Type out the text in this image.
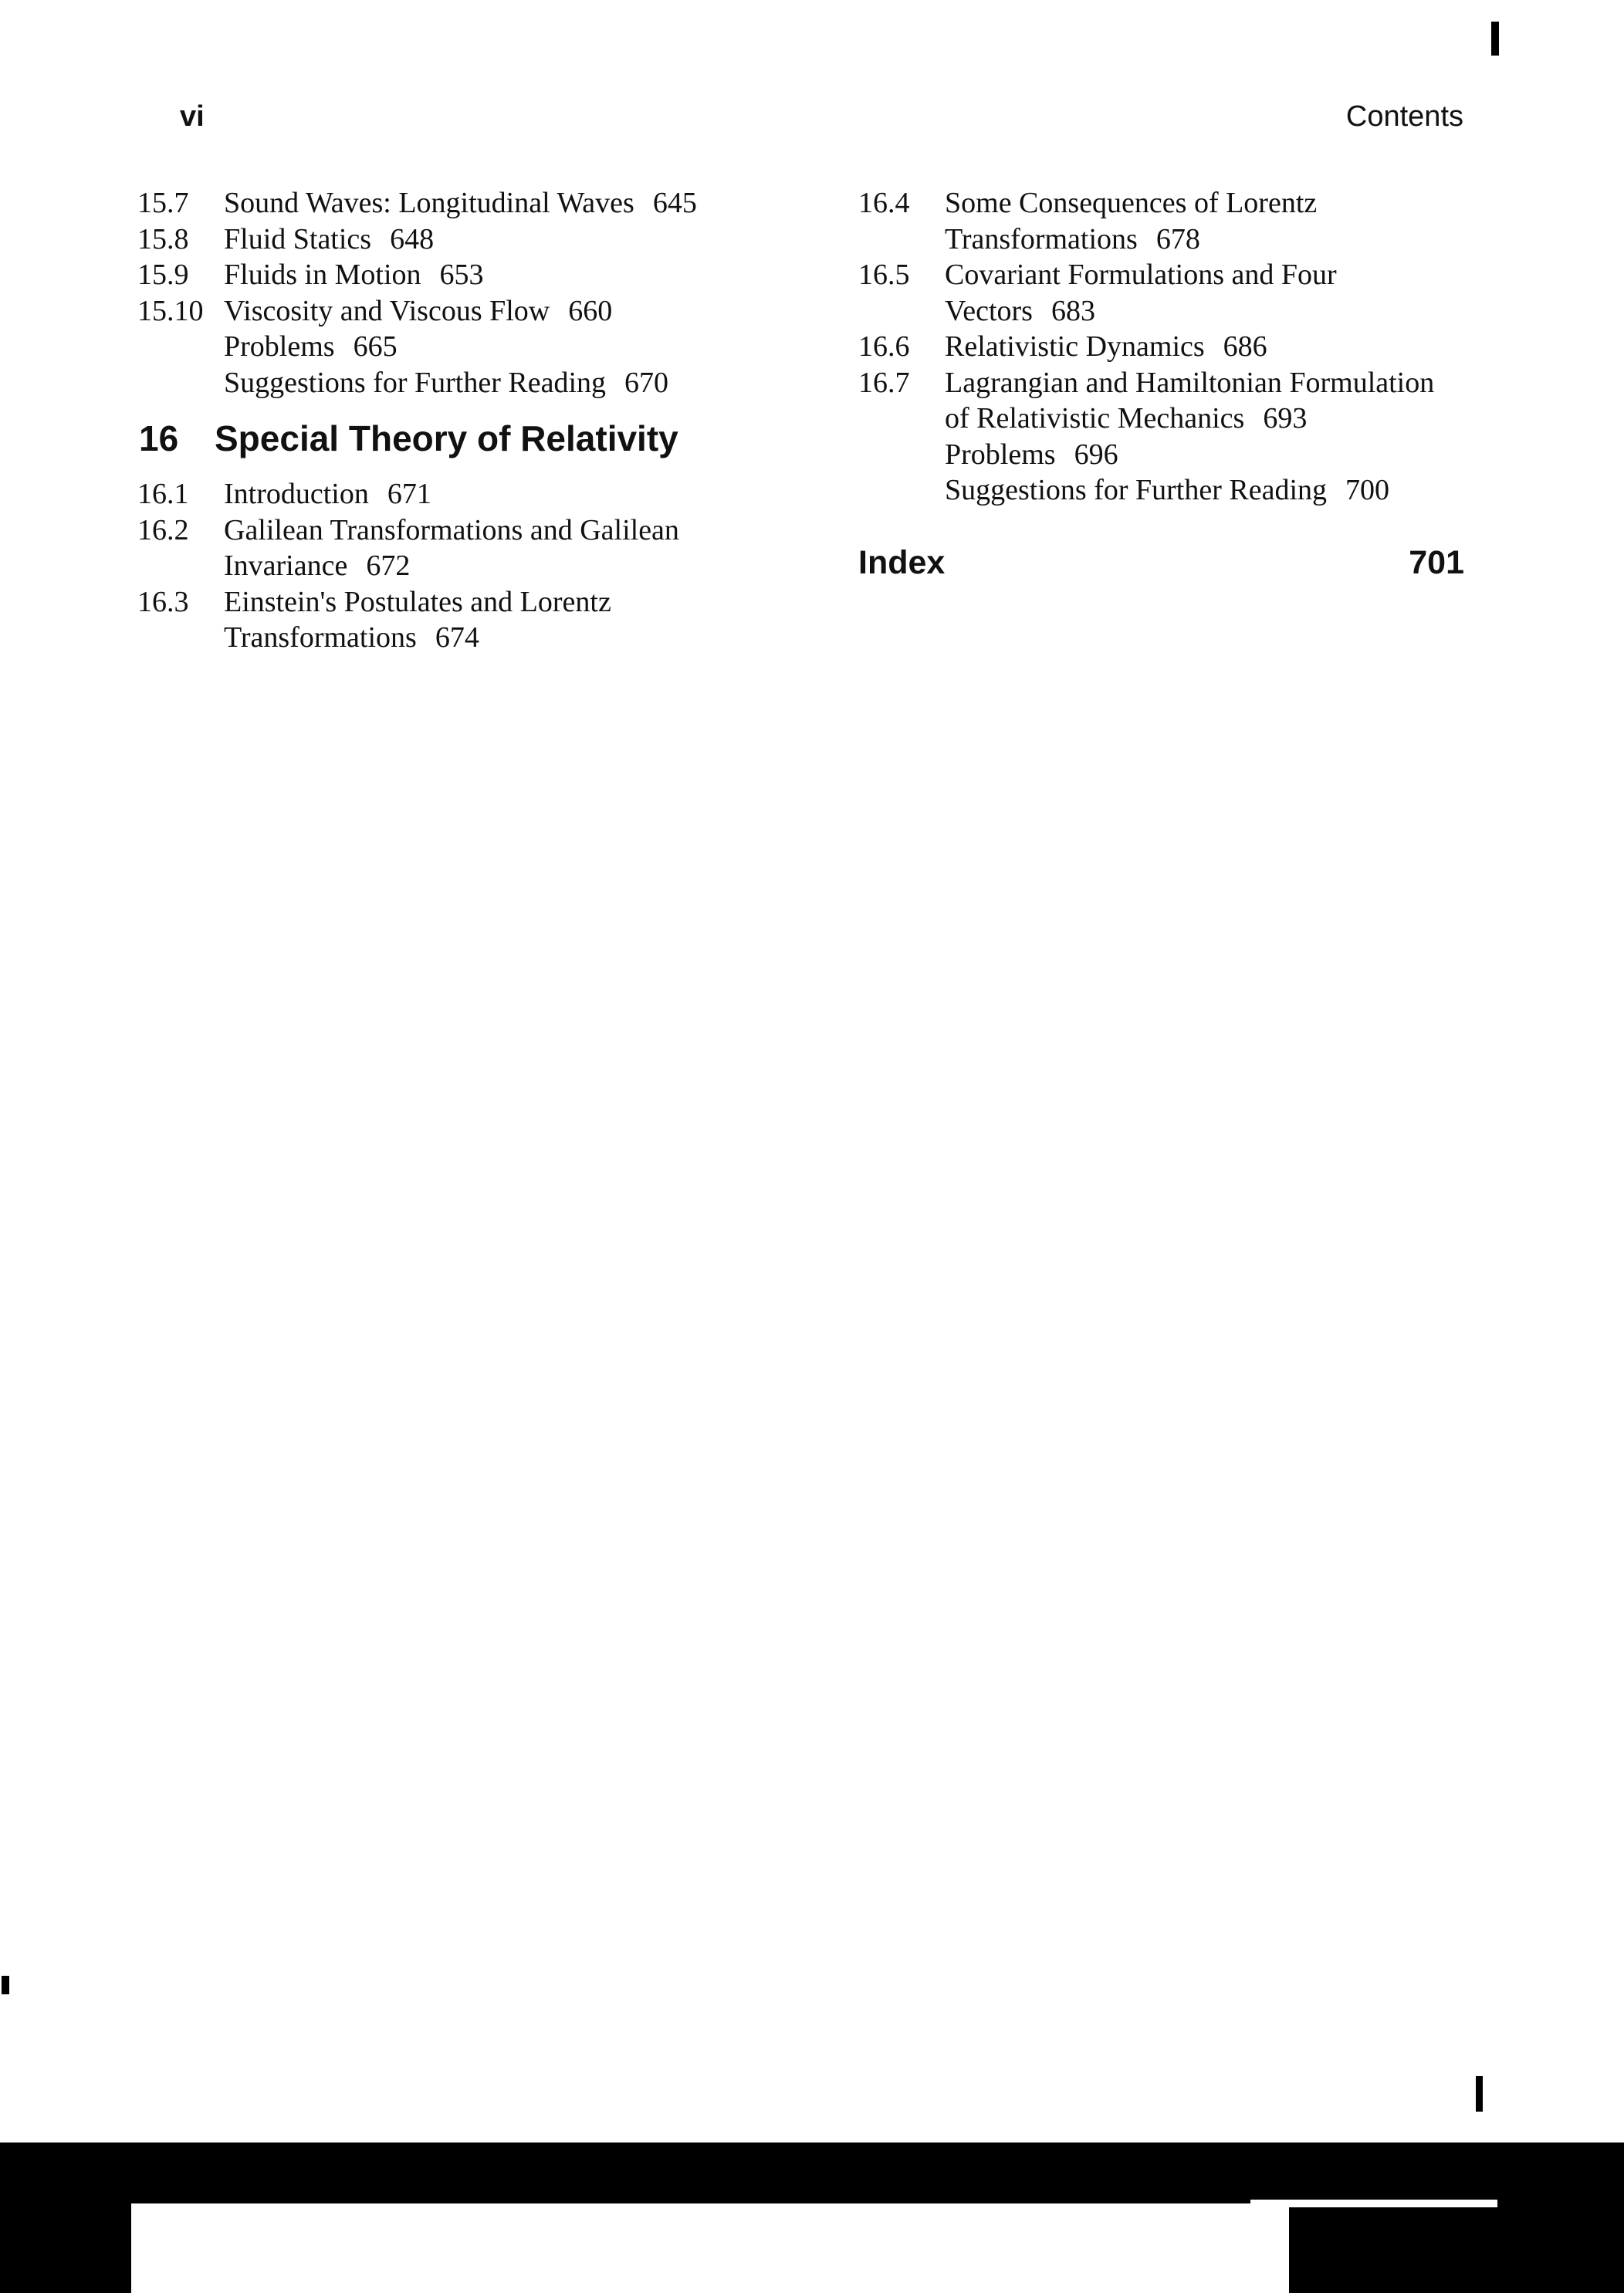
vi	Contents
15.7 Sound Waves: Longitudinal Waves 645
15.8 Fluid Statics 648
15.9 Fluids in Motion 653
15.10 Viscosity and Viscous Flow 660
Problems 665
Suggestions for Further Reading 670
16 Special Theory of Relativity
16.1 Introduction 671
16.2 Galilean Transformations and Galilean
Invariance 672
16.3 Einstein's Postulates and Lorentz
Transformations 674
16.4 Some Consequences of Lorentz
Transformations 678
16.5 Covariant Formulations and Four
Vectors 683
16.6 Relativistic Dynamics 686
16.7 Lagrangian and Hamiltonian Formulation
of Relativistic Mechanics 693
Problems 696
Suggestions for Further Reading 700
Index	701
